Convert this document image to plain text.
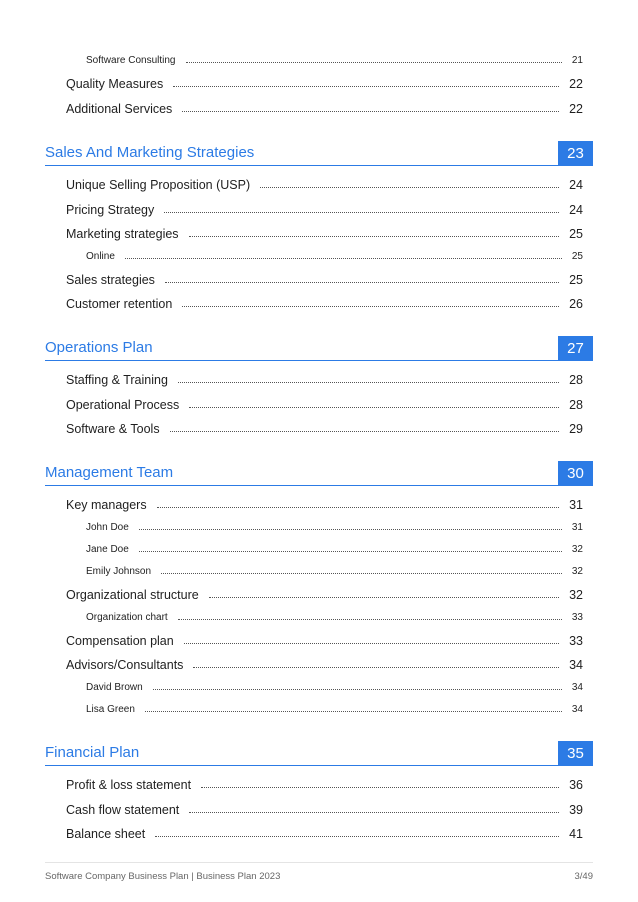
Software Consulting	21
Quality Measures	22
Additional Services	22
Sales And Marketing Strategies	23
Unique Selling Proposition (USP)	24
Pricing Strategy	24
Marketing strategies	25
Online	25
Sales strategies	25
Customer retention	26
Operations Plan	27
Staffing & Training	28
Operational Process	28
Software & Tools	29
Management Team	30
Key managers	31
John Doe	31
Jane Doe	32
Emily Johnson	32
Organizational structure	32
Organization chart	33
Compensation plan	33
Advisors/Consultants	34
David Brown	34
Lisa Green	34
Financial Plan	35
Profit & loss statement	36
Cash flow statement	39
Balance sheet	41
Software Company Business Plan | Business Plan 2023	3/49
